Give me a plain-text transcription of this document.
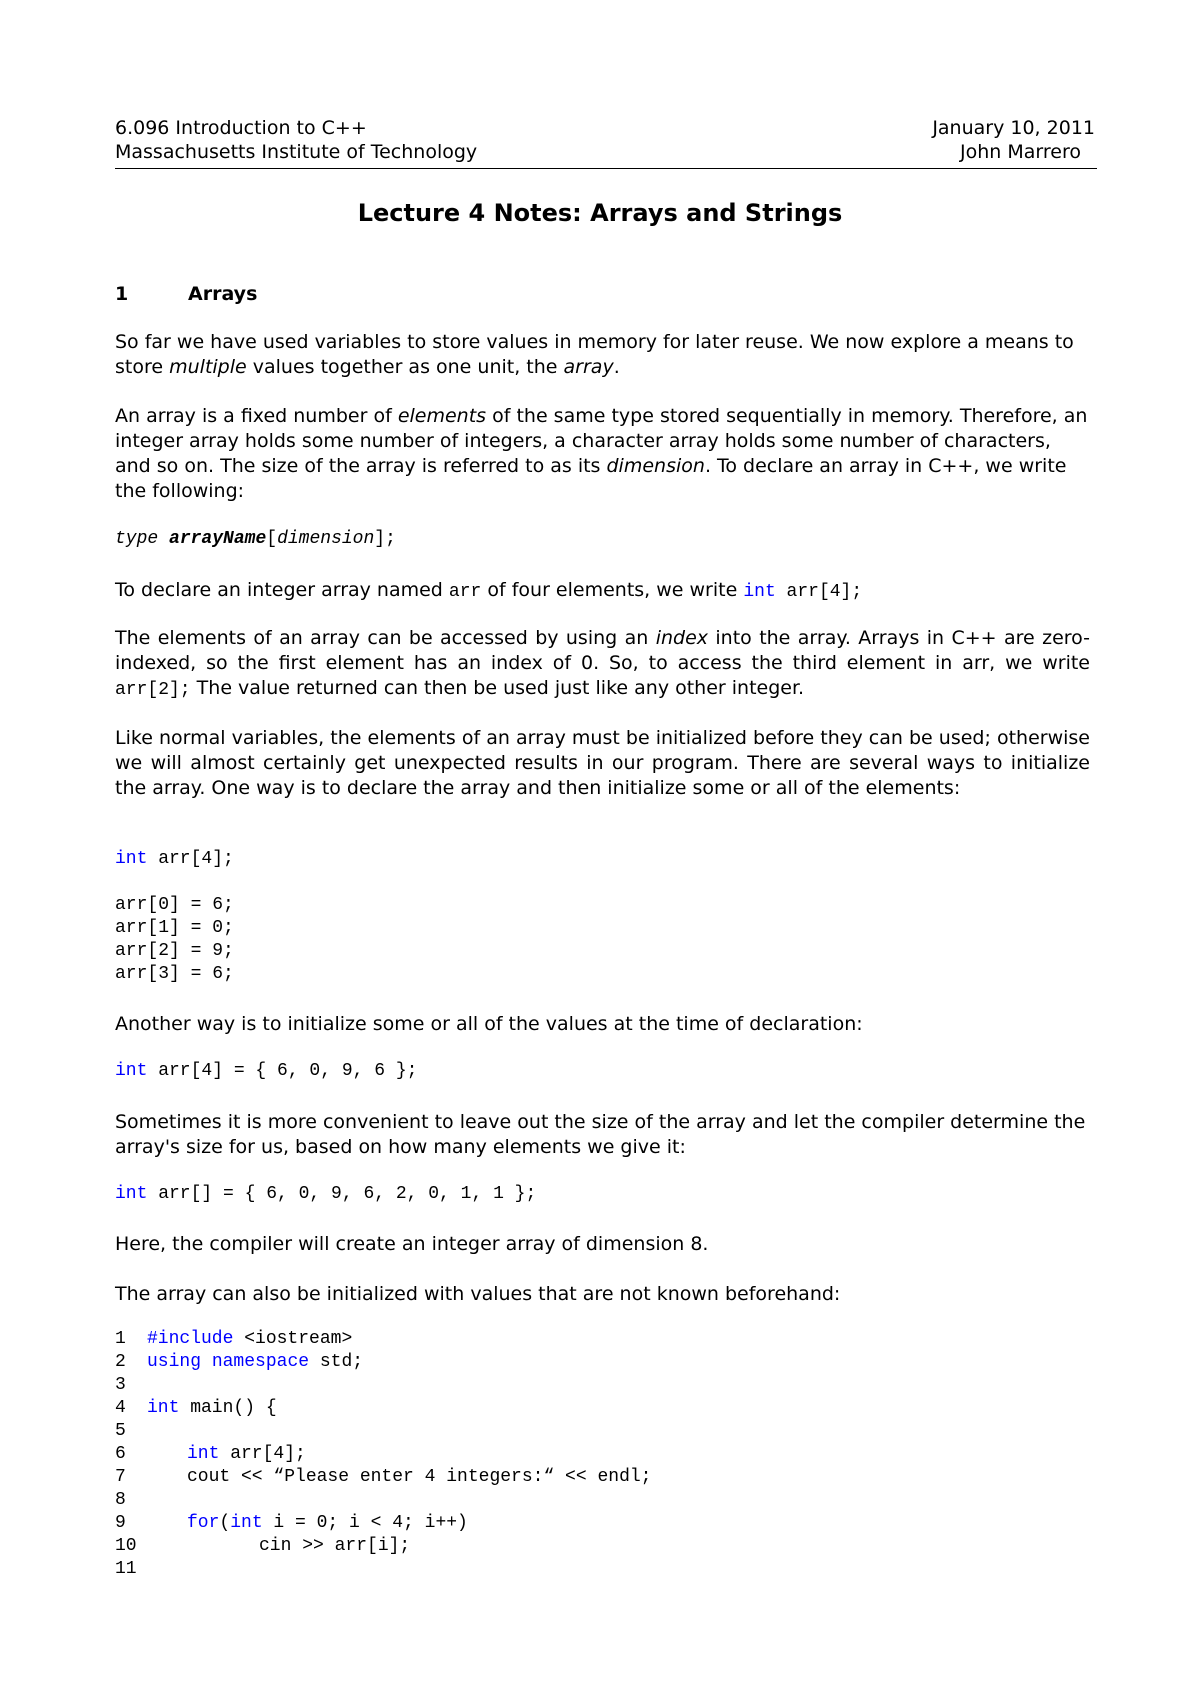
6.096 Introduction to C++	January 10, 2011
Massachusetts Institute of Technology	John Marrero
Lecture 4 Notes: Arrays and Strings
1	Arrays
So far we have used variables to store values in memory for later reuse. We now explore a means to store multiple values together as one unit, the array.
An array is a fixed number of elements of the same type stored sequentially in memory. Therefore, an integer array holds some number of integers, a character array holds some number of characters, and so on. The size of the array is referred to as its dimension. To declare an array in C++, we write the following:
type arrayName[dimension];
To declare an integer array named arr of four elements, we write int arr[4];
The elements of an array can be accessed by using an index into the array. Arrays in C++ are zero-indexed, so the first element has an index of 0. So, to access the third element in arr, we write arr[2]; The value returned can then be used just like any other integer.
Like normal variables, the elements of an array must be initialized before they can be used; otherwise we will almost certainly get unexpected results in our program. There are several ways to initialize the array. One way is to declare the array and then initialize some or all of the elements:
int arr[4];
arr[0] = 6;
arr[1] = 0;
arr[2] = 9;
arr[3] = 6;
Another way is to initialize some or all of the values at the time of declaration:
int arr[4] = { 6, 0, 9, 6 };
Sometimes it is more convenient to leave out the size of the array and let the compiler determine the array's size for us, based on how many elements we give it:
int arr[] = { 6, 0, 9, 6, 2, 0, 1, 1 };
Here, the compiler will create an integer array of dimension 8.
The array can also be initialized with values that are not known beforehand:
1 #include <iostream>
2 using namespace std;
3
4 int main() {
5
6	int arr[4];
7	cout << “Please enter 4 integers:“ << endl;
8
9	for(int i = 0; i < 4; i++)
10	cin >> arr[i];
11
